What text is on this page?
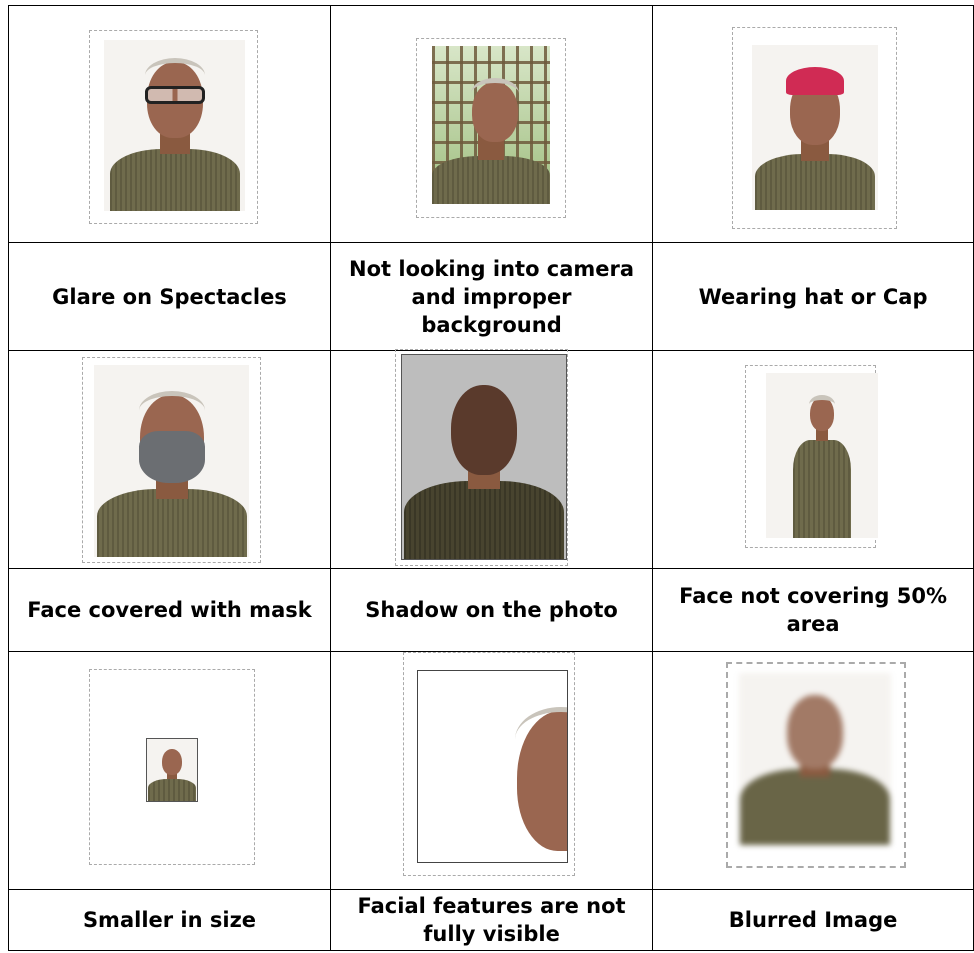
Glare on Spectacles	Not looking into camera and improper background	Wearing hat or Cap

Face covered with mask	Shadow on the photo	Face not covering 50% area

Smaller in size	Facial features are not fully visible	Blurred Image
